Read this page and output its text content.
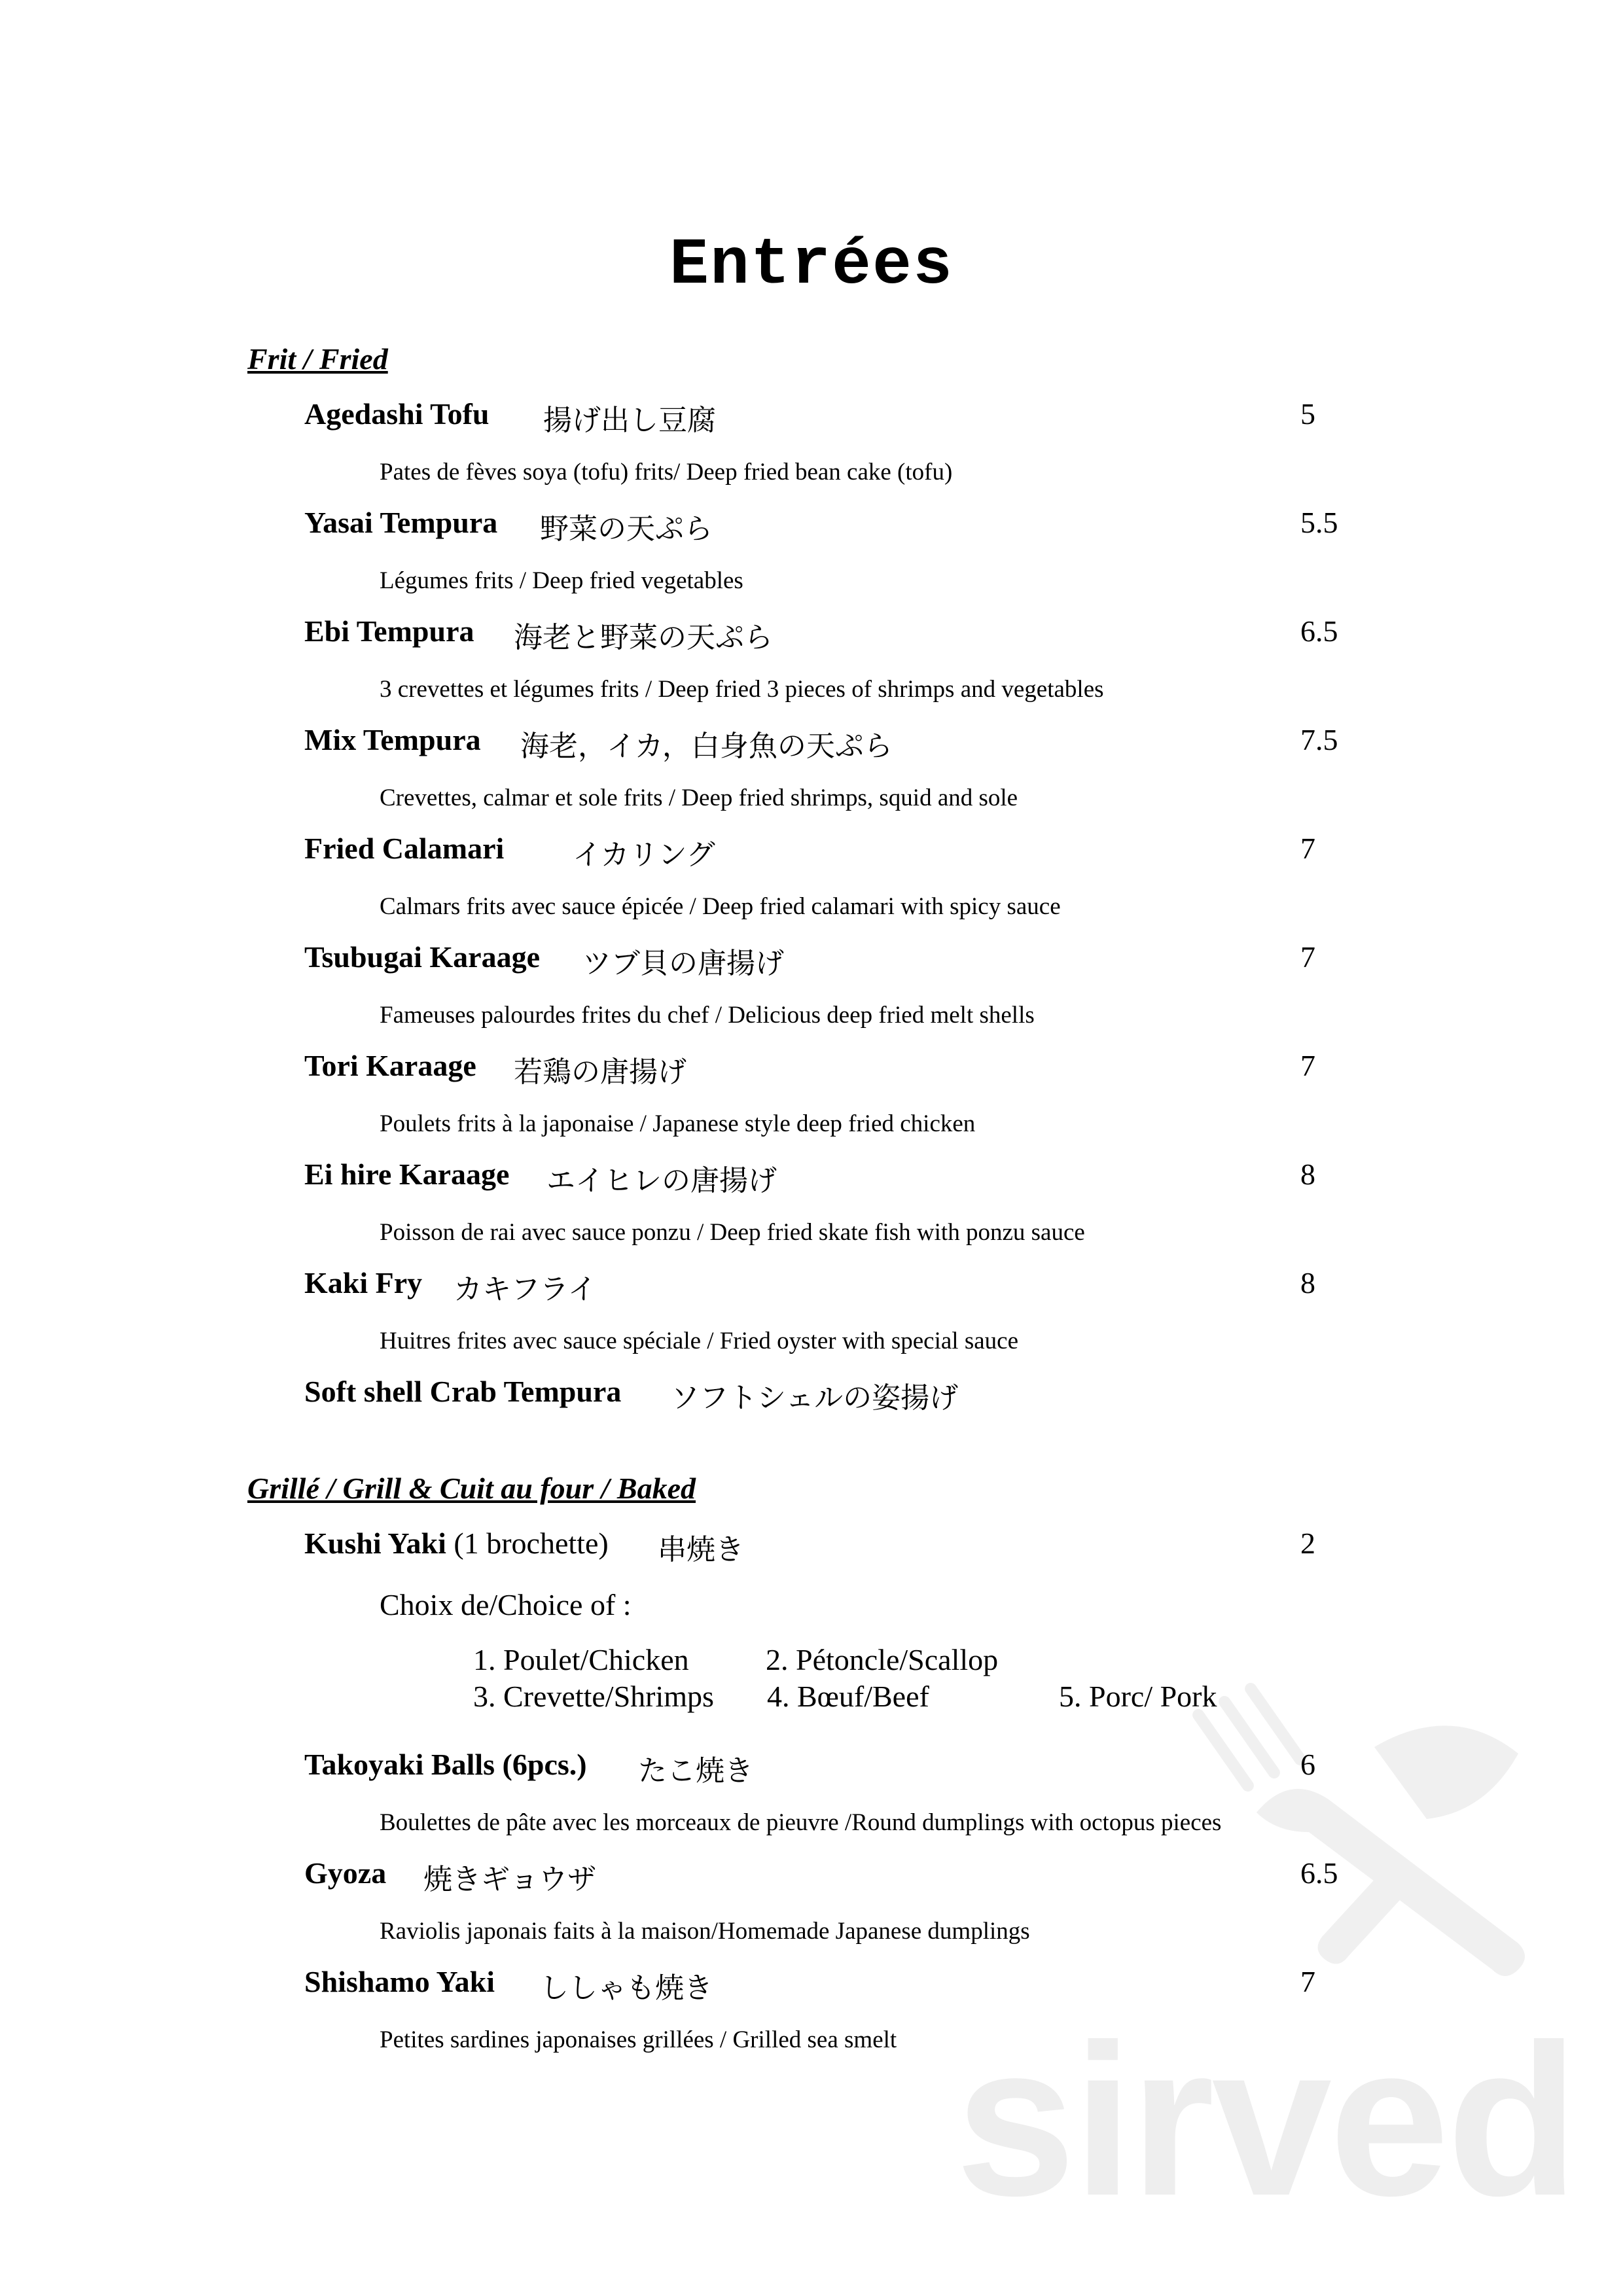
sirved
Entrées
Frit / Fried
Agedashi Tofu 揚げ出し豆腐	5
Pates de fèves soya (tofu) frits/ Deep fried bean cake (tofu)
Yasai Tempura 野菜の天ぷら	5.5
Légumes frits / Deep fried vegetables
Ebi Tempura 海老と野菜の天ぷら	6.5
3 crevettes et légumes frits / Deep fried 3 pieces of shrimps and vegetables
Mix Tempura 海老，イカ，白身魚の天ぷら	7.5
Crevettes, calmar et sole frits / Deep fried shrimps, squid and sole
Fried Calamari イカリング	7
Calmars frits avec sauce épicée / Deep fried calamari with spicy sauce
Tsubugai Karaage ツブ貝の唐揚げ	7
Fameuses palourdes frites du chef / Delicious deep fried melt shells
Tori Karaage 若鶏の唐揚げ	7
Poulets frits à la japonaise / Japanese style deep fried chicken
Ei hire Karaage エイヒレの唐揚げ	8
Poisson de rai avec sauce ponzu / Deep fried skate fish with ponzu sauce
Kaki Fry カキフライ	8
Huitres frites avec sauce spéciale / Fried oyster with special sauce
Soft shell Crab Tempura ソフトシェルの姿揚げ
Grillé / Grill & Cuit au four / Baked
Kushi Yaki (1 brochette) 串焼き	2
Choix de/Choice of :
1. Poulet/Chicken	2. Pétoncle/Scallop
3. Crevette/Shrimps 4. Bœuf/Beef	5. Porc/ Pork
Takoyaki Balls (6pcs.) たこ焼き	6
Boulettes de pâte avec les morceaux de pieuvre /Round dumplings with octopus pieces
Gyoza 焼きギョウザ	6.5
Raviolis japonais faits à la maison/Homemade Japanese dumplings
Shishamo Yaki ししゃも焼き	7
Petites sardines japonaises grillées / Grilled sea smelt
